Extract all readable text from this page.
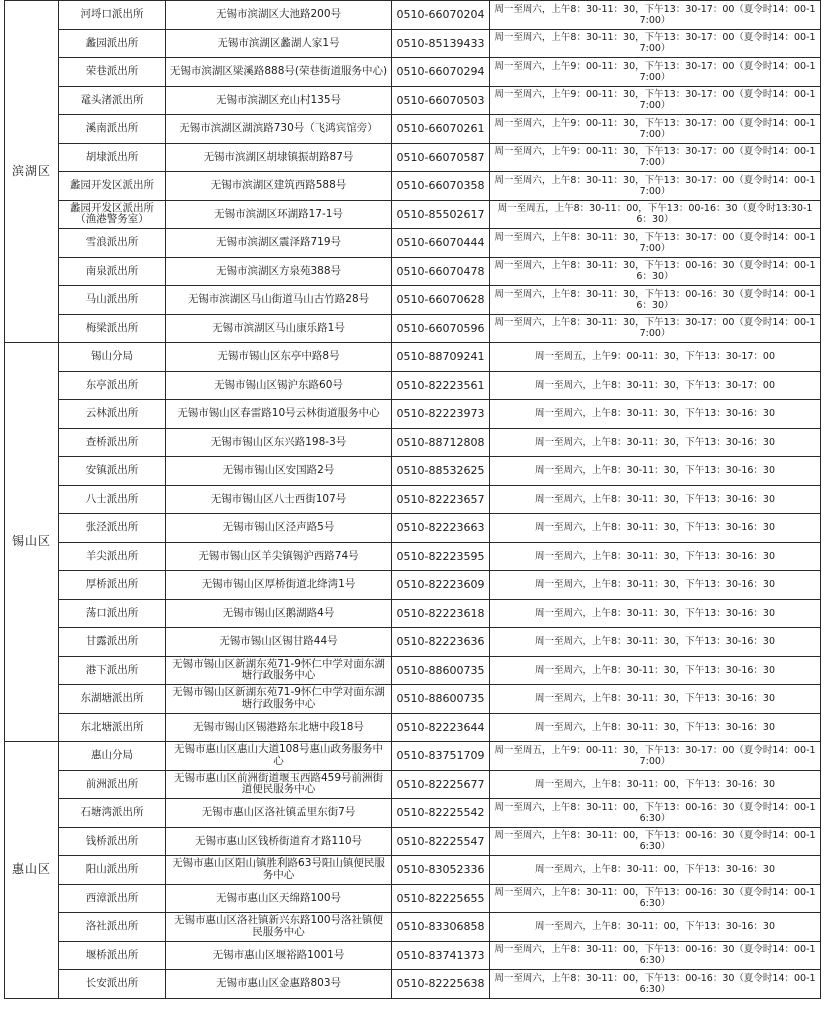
滨湖区	河埒口派出所	无锡市滨湖区大池路200号	0510-66070204	周一至周六，上午8：30-11：30，下午13：30-17：00（夏令时14：00-17:00）
	蠡园派出所	无锡市滨湖区蠡湖人家1号	0510-85139433	周一至周六，上午8：30-11：30，下午13：30-17：00（夏令时14：00-17:00）
	荣巷派出所	无锡市滨湖区梁溪路888号(荣巷街道服务中心)	0510-66070294	周一至周六，上午9：00-11：30，下午13：30-17：00（夏令时14：00-17:00）
	鼋头渚派出所	无锡市滨湖区充山村135号	0510-66070503	周一至周六，上午9：00-11：30，下午13：30-17：00（夏令时14：00-17:00）
	溪南派出所	无锡市滨湖区湖滨路730号（飞鸿宾馆旁）	0510-66070261	周一至周六，上午9：00-11：30，下午13：30-17：00（夏令时14：00-17:00）
	胡埭派出所	无锡市滨湖区胡埭镇振胡路87号	0510-66070587	周一至周六，上午9：00-11：30，下午13：30-17：00（夏令时14：00-17:00）
	蠡园开发区派出所	无锡市滨湖区建筑西路588号	0510-66070358	周一至周六，上午8：30-11：30，下午13：30-17：00（夏令时14：00-17:00）
	蠡园开发区派出所（渔港警务室）	无锡市滨湖区环湖路17-1号	0510-85502617	周一至周五，上午8：30-11：00，下午13：00-16：30（夏令时13:30-16：30）
	雪浪派出所	无锡市滨湖区震泽路719号	0510-66070444	周一至周六，上午8：30-11：30，下午13：30-17：00（夏令时14：00-17:00）
	南泉派出所	无锡市滨湖区方泉苑388号	0510-66070478	周一至周六，上午8：30-11：30，下午13：00-16：30（夏令时14：00-16：30）
	马山派出所	无锡市滨湖区马山街道马山古竹路28号	0510-66070628	周一至周六，上午8：30-11：30，下午13：00-16：30（夏令时14：00-16：30）
	梅梁派出所	无锡市滨湖区马山康乐路1号	0510-66070596	周一至周六，上午8：30-11：30，下午13：30-17：00（夏令时14：00-17:00）
锡山区	锡山分局	无锡市锡山区东亭中路8号	0510-88709241	周一至周五，上午9：00-11：30，下午13：30-17：00
	东亭派出所	无锡市锡山区锡沪东路60号	0510-82223561	周一至周六，上午8：30-11：30，下午13：30-17：00
	云林派出所	无锡市锡山区春雷路10号云林街道服务中心	0510-82223973	周一至周六，上午8：30-11：30，下午13：30-16：30
	查桥派出所	无锡市锡山区东兴路198-3号	0510-88712808	周一至周六，上午8：30-11：30，下午13：30-16：30
	安镇派出所	无锡市锡山区安国路2号	0510-88532625	周一至周六，上午8：30-11：30，下午13：30-16：30
	八士派出所	无锡市锡山区八士西街107号	0510-82223657	周一至周六，上午8：30-11：30，下午13：30-16：30
	张泾派出所	无锡市锡山区泾声路5号	0510-82223663	周一至周六，上午8：30-11：30，下午13：30-16：30
	羊尖派出所	无锡市锡山区羊尖镇锡沪西路74号	0510-82223595	周一至周六，上午8：30-11：30，下午13：30-16：30
	厚桥派出所	无锡市锡山区厚桥街道北绛湾1号	0510-82223609	周一至周六，上午8：30-11：30，下午13：30-16：30
	荡口派出所	无锡市锡山区鹅湖路4号	0510-82223618	周一至周六，上午8：30-11：30，下午13：30-16：30
	甘露派出所	无锡市锡山区锡甘路44号	0510-82223636	周一至周六，上午8：30-11：30，下午13：30-16：30
	港下派出所	无锡市锡山区新湖东苑71-9怀仁中学对面东湖塘行政服务中心	0510-88600735	周一至周六，上午8：30-11：30，下午13：30-16：30
	东湖塘派出所	无锡市锡山区新湖东苑71-9怀仁中学对面东湖塘行政服务中心	0510-88600735	周一至周六，上午8：30-11：30，下午13：30-16：30
	东北塘派出所	无锡市锡山区锡港路东北塘中段18号	0510-82223644	周一至周六，上午8：30-11：30，下午13：30-16：30
惠山区	惠山分局	无锡市惠山区惠山大道108号惠山政务服务中心	0510-83751709	周一至周五，上午9：00-11：30，下午13：30-17：00（夏令时14：00-17:00）
	前洲派出所	无锡市惠山区前洲街道堰玉西路459号前洲街道便民服务中心	0510-82225677	周一至周六，上午8：30-11：00，下午13：30-16：30
	石塘湾派出所	无锡市惠山区洛社镇孟里东街7号	0510-82225542	周一至周六，上午8：30-11：00，下午13：00-16：30（夏令时14：00-16:30）
	钱桥派出所	无锡市惠山区钱桥街道育才路110号	0510-82225547	周一至周六，上午8：30-11：00，下午13：00-16：30（夏令时14：00-16:30）
	阳山派出所	无锡市惠山区阳山镇胜利路63号阳山镇便民服务中心	0510-83052336	周一至周六，上午8：30-11：00，下午13：30-16：30
	西漳派出所	无锡市惠山区天绵路100号	0510-82225655	周一至周六，上午8：30-11：00，下午13：00-16：30（夏令时14：00-16:30）
	洛社派出所	无锡市惠山区洛社镇新兴东路100号洛社镇便民服务中心	0510-83306858	周一至周六，上午8：30-11：00，下午13：30-16：30
	堰桥派出所	无锡市惠山区堰裕路1001号	0510-83741373	周一至周六，上午8：30-11：00，下午13：00-16：30（夏令时14：00-16:30）
	长安派出所	无锡市惠山区金惠路803号	0510-82225638	周一至周六，上午8：30-11：00，下午13：00-16：30（夏令时14：00-16:30）
